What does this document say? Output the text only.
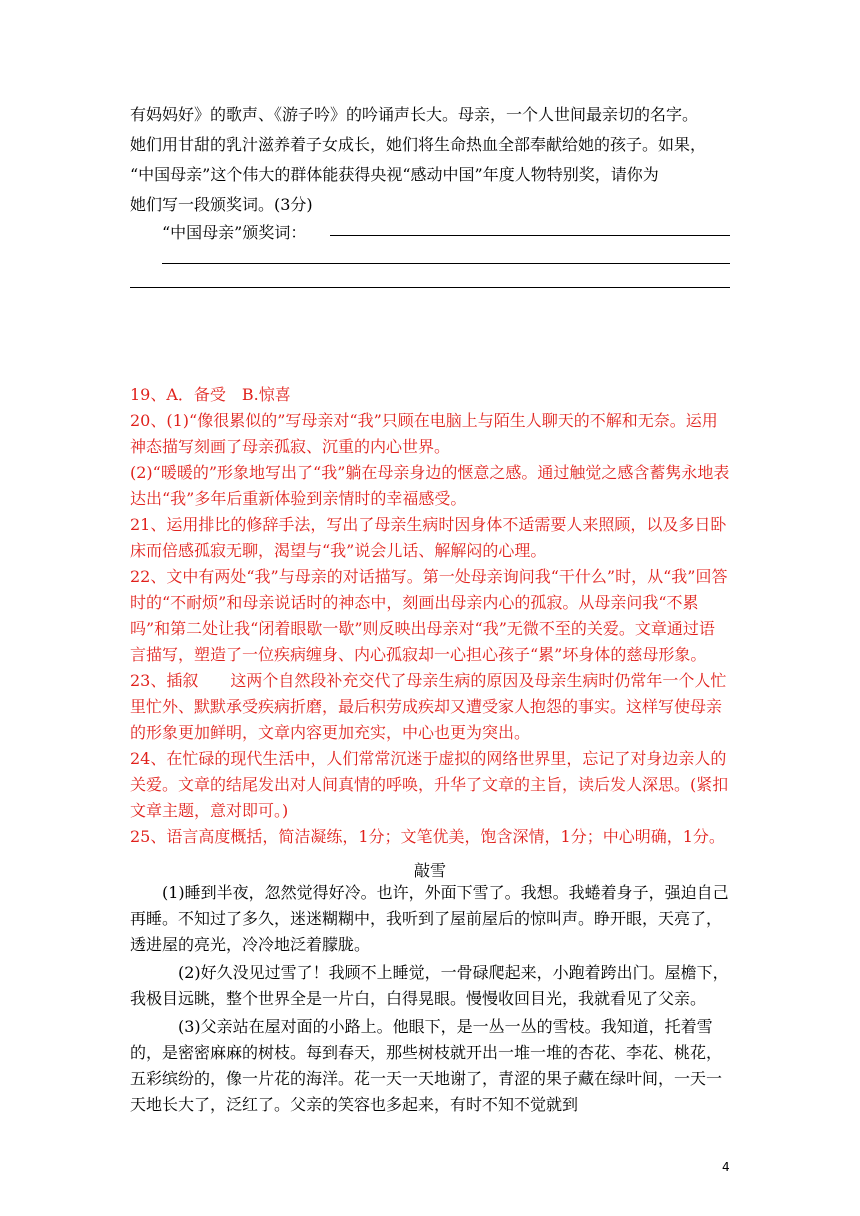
有妈妈好》的歌声、《游子吟》的吟诵声长大。母亲，一个人世间最亲切的名字。

她们用甘甜的乳汁滋养着子女成长，她们将生命热血全部奉献给她的孩子。如果，

“中国母亲”这个伟大的群体能获得央视“感动中国”年度人物特别奖，请你为

她们写一段颁奖词。(3分)

“中国母亲”颁奖词：

19、A．备受　B.惊喜

20、(1)“像很累似的”写母亲对“我”只顾在电脑上与陌生人聊天的不解和无奈。运用神态描写刻画了母亲孤寂、沉重的内心世界。

(2)“暖暖的”形象地写出了“我”躺在母亲身边的惬意之感。通过触觉之感含蓄隽永地表达出“我”多年后重新体验到亲情时的幸福感受。

21、运用排比的修辞手法，写出了母亲生病时因身体不适需要人来照顾，以及多日卧床而倍感孤寂无聊，渴望与“我”说会儿话、解解闷的心理。

22、文中有两处“我”与母亲的对话描写。第一处母亲询问我“干什么”时，从“我”回答时的“不耐烦”和母亲说话时的神态中，刻画出母亲内心的孤寂。从母亲问我“不累吗”和第二处让我“闭着眼歇一歇”则反映出母亲对“我”无微不至的关爱。文章通过语言描写，塑造了一位疾病缠身、内心孤寂却一心担心孩子“累”坏身体的慈母形象。

23、插叙　　这两个自然段补充交代了母亲生病的原因及母亲生病时仍常年一个人忙里忙外、默默承受疾病折磨，最后积劳成疾却又遭受家人抱怨的事实。这样写使母亲的形象更加鲜明，文章内容更加充实，中心也更为突出。

24、在忙碌的现代生活中，人们常常沉迷于虚拟的网络世界里，忘记了对身边亲人的关爱。文章的结尾发出对人间真情的呼唤，升华了文章的主旨，读后发人深思。(紧扣文章主题，意对即可。)

25、语言高度概括，简洁凝练，1分；文笔优美，饱含深情，1分；中心明确，1分。

敲雪

(1)睡到半夜，忽然觉得好冷。也许，外面下雪了。我想。我蜷着身子，强迫自己再睡。不知过了多久，迷迷糊糊中，我听到了屋前屋后的惊叫声。睁开眼，天亮了，透进屋的亮光，冷冷地泛着朦胧。

(2)好久没见过雪了！我顾不上睡觉，一骨碌爬起来，小跑着跨出门。屋檐下，我极目远眺，整个世界全是一片白，白得晃眼。慢慢收回目光，我就看见了父亲。

(3)父亲站在屋对面的小路上。他眼下，是一丛一丛的雪枝。我知道，托着雪的，是密密麻麻的树枝。每到春天，那些树枝就开出一堆一堆的杏花、李花、桃花，五彩缤纷的，像一片花的海洋。花一天一天地谢了，青涩的果子藏在绿叶间，一天一天地长大了，泛红了。父亲的笑容也多起来，有时不知不觉就到

4
